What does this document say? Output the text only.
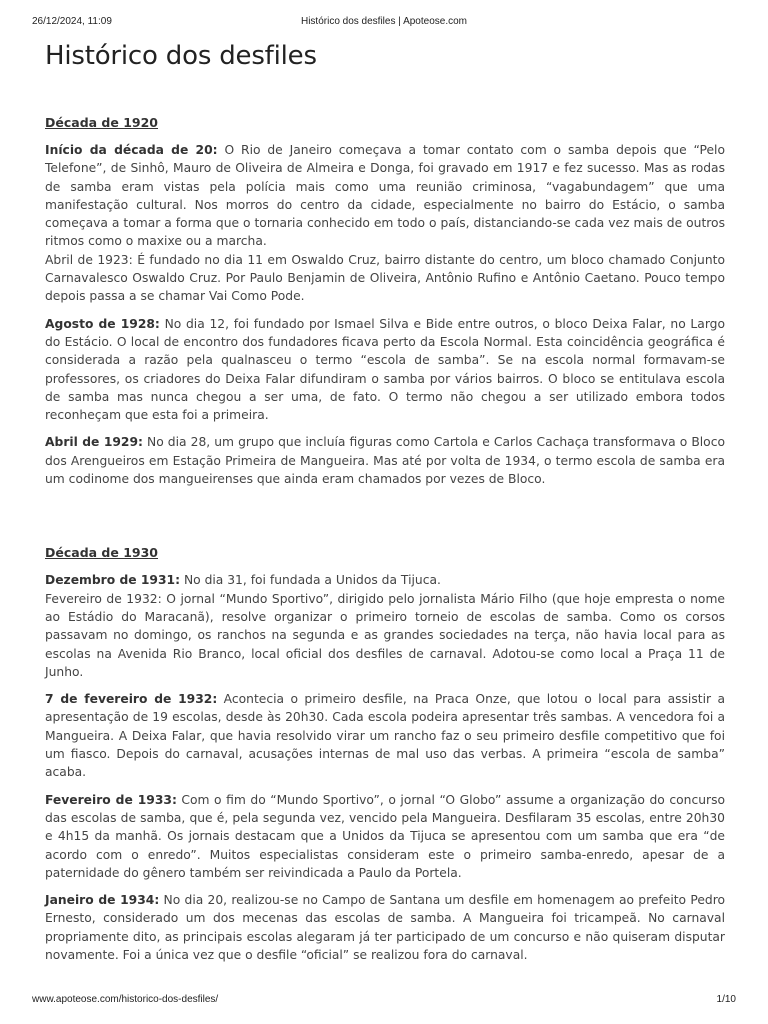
26/12/2024, 11:09	Histórico dos desfiles | Apoteose.com
Histórico dos desfiles
Década de 1920

Início da década de 20: O Rio de Janeiro começava a tomar contato com o samba depois que “Pelo Telefone”, de Sinhô, Mauro de Oliveira de Almeira e Donga, foi gravado em 1917 e fez sucesso. Mas as rodas de samba eram vistas pela polícia mais como uma reunião criminosa, “vagabundagem” que uma manifestação cultural. Nos morros do centro da cidade, especialmente no bairro do Estácio, o samba começava a tomar a forma que o tornaria conhecido em todo o país, distanciando-se cada vez mais de outros ritmos como o maxixe ou a marcha.

Abril de 1923: É fundado no dia 11 em Oswaldo Cruz, bairro distante do centro, um bloco chamado Conjunto Carnavalesco Oswaldo Cruz. Por Paulo Benjamin de Oliveira, Antônio Rufino e Antônio Caetano. Pouco tempo depois passa a se chamar Vai Como Pode.

Agosto de 1928: No dia 12, foi fundado por Ismael Silva e Bide entre outros, o bloco Deixa Falar, no Largo do Estácio. O local de encontro dos fundadores ficava perto da Escola Normal. Esta coincidência geográfica é considerada a razão pela qualnasceu o termo “escola de samba”. Se na escola normal formavam-se professores, os criadores do Deixa Falar difundiram o samba por vários bairros. O bloco se entitulava escola de samba mas nunca chegou a ser uma, de fato. O termo não chegou a ser utilizado embora todos reconheçam que esta foi a primeira.

Abril de 1929: No dia 28, um grupo que incluía figuras como Cartola e Carlos Cachaça transformava o Bloco dos Arengueiros em Estação Primeira de Mangueira. Mas até por volta de 1934, o termo escola de samba era um codinome dos mangueirenses que ainda eram chamados por vezes de Bloco.

Década de 1930

Dezembro de 1931: No dia 31, foi fundada a Unidos da Tijuca.

Fevereiro de 1932: O jornal “Mundo Sportivo”, dirigido pelo jornalista Mário Filho (que hoje empresta o nome ao Estádio do Maracanã), resolve organizar o primeiro torneio de escolas de samba. Como os corsos passavam no domingo, os ranchos na segunda e as grandes sociedades na terça, não havia local para as escolas na Avenida Rio Branco, local oficial dos desfiles de carnaval. Adotou-se como local a Praça 11 de Junho.

7 de fevereiro de 1932: Acontecia o primeiro desfile, na Praca Onze, que lotou o local para assistir a apresentação de 19 escolas, desde às 20h30. Cada escola podeira apresentar três sambas. A vencedora foi a Mangueira. A Deixa Falar, que havia resolvido virar um rancho faz o seu primeiro desfile competitivo que foi um fiasco. Depois do carnaval, acusações internas de mal uso das verbas. A primeira “escola de samba” acaba.

Fevereiro de 1933: Com o fim do “Mundo Sportivo”, o jornal “O Globo” assume a organização do concurso das escolas de samba, que é, pela segunda vez, vencido pela Mangueira. Desfilaram 35 escolas, entre 20h30 e 4h15 da manhã. Os jornais destacam que a Unidos da Tijuca se apresentou com um samba que era “de acordo com o enredo”. Muitos especialistas consideram este o primeiro samba-enredo, apesar de a paternidade do gênero também ser reivindicada a Paulo da Portela.

Janeiro de 1934: No dia 20, realizou-se no Campo de Santana um desfile em homenagem ao prefeito Pedro Ernesto, considerado um dos mecenas das escolas de samba. A Mangueira foi tricampeã. No carnaval propriamente dito, as principais escolas alegaram já ter participado de um concurso e não quiseram disputar novamente. Foi a única vez que o desfile “oficial” se realizou fora do carnaval.

www.apoteose.com/historico-dos-desfiles/	1/10
